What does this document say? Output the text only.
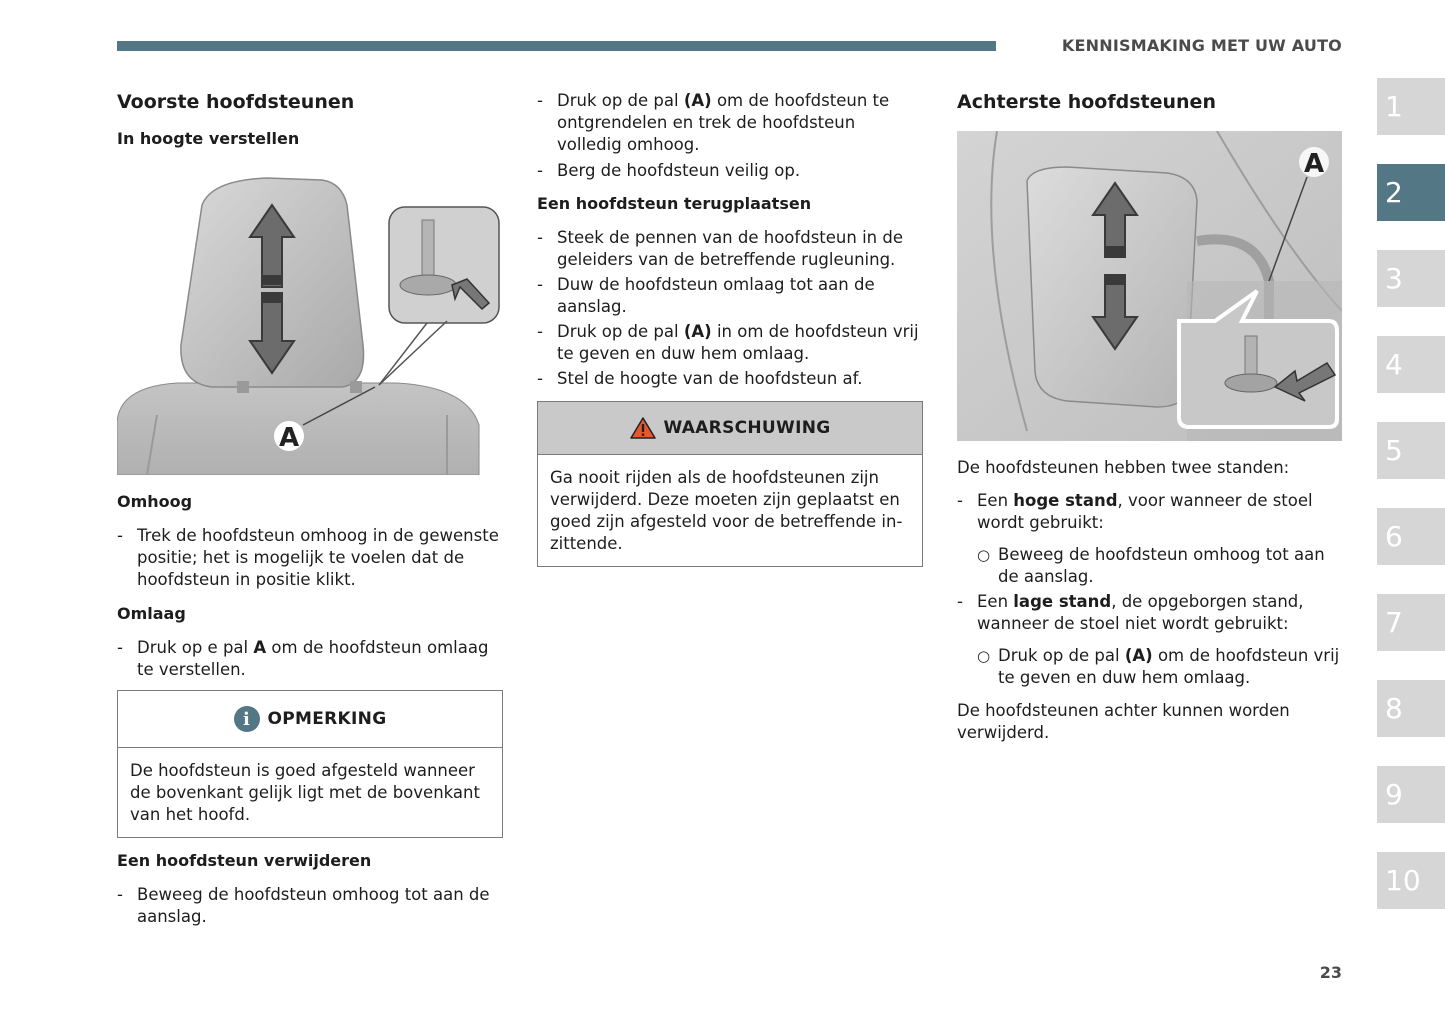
KENNISMAKING MET UW AUTO
Voorste hoofdsteunen
In hoogte verstellen
A
Omhoog
- Trek de hoofdsteun omhoog in de gewenste positie; het is mogelijk te voelen dat de hoofdsteun in positie klikt.
Omlaag
- Druk op e pal A om de hoofdsteun omlaag te verstellen.
i	OPMERKING
De hoofdsteun is goed afgesteld wanneer de bovenkant gelijk ligt met de bovenkant van het hoofd.
Een hoofdsteun verwijderen
- Beweeg de hoofdsteun omhoog tot aan de aanslag.
- Druk op de pal (A) om de hoofdsteun te ontgrendelen en trek de hoofdsteun volledig omhoog.
- Berg de hoofdsteun veilig op.
Een hoofdsteun terugplaatsen
- Steek de pennen van de hoofdsteun in de geleiders van de betreffende rugleuning.
- Duw de hoofdsteun omlaag tot aan de aanslag.
- Druk op de pal (A) in om de hoofdsteun vrij te geven en duw hem omlaag.
- Stel de hoogte van de hoofdsteun af.
WAARSCHUWING
Ga nooit rijden als de hoofdsteunen zijn verwijderd. Deze moeten zijn geplaatst en goed zijn afgesteld voor de betreffende inzittende.
Achterste hoofdsteunen
A
De hoofdsteunen hebben twee standen:
- Een hoge stand, voor wanneer de stoel wordt gebruikt:
○ Beweeg de hoofdsteun omhoog tot aan de aanslag.
- Een lage stand, de opgeborgen stand, wanneer de stoel niet wordt gebruikt:
○ Druk op de pal (A) om de hoofdsteun vrij te geven en duw hem omlaag.
De hoofdsteunen achter kunnen worden verwijderd.
1
2
3
4
5
6
7
8
9
10
23
